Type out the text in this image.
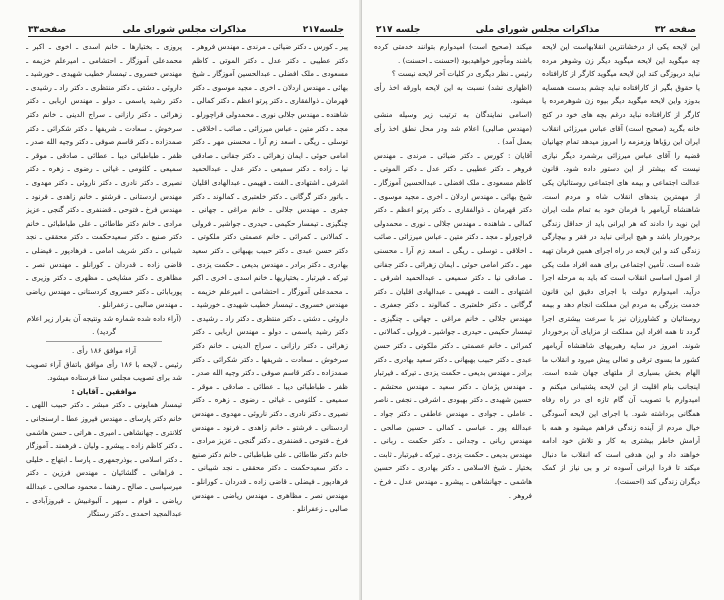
جلسه۲۱۷
مذاکرات مجلس شورای ملی
صفحه۳۳

پیر ـ کورس ـ دکتر ضیائی ـ مرندی ـ مهندس فروهر ـ دکتر عطیبی ـ دکتر عدل ـ دکتر الموتی ـ کاظم مسعودی ـ ملک افضلی ـ عبدالحسین آموزگار ـ شیخ بهائی ـ مهندس اردلان ـ اخری ـ مجید موسوی ـ دکتر قهرمان ـ ذوالفقاری ـ دکتر پرتو اعظم ـ دکتر کمالی ـ شاهنده ـ مهندس جلالی نوری ـ محمدولی قراچورلو ـ مجد ـ دکتر متین ـ عباس میرزائی ـ صائب ـ اخلاقی ـ توسلی ـ ریگی ـ اسعد زم آرا ـ محسنی مهر ـ دکتر امامی حوئی ـ ایمان زهرائی ـ دکتر جفانی ـ صادقی نیا ـ زاده ـ دکتر سمیعی ـ دکتر عدل ـ عبدالحمید اشرفی ـ اشتهادی ـ الفت ـ فهیمی ـ عبدالهادی اقلیان ـ باتور دکتر گرگانی ـ دکتر خلعتبری ـ کمالوند ـ دکتر جفری ـ مهندس جلالی ـ خانم مراغی ـ جهانی ـ چنگیزی ـ تیمسار حکیمی ـ حیدری ـ جواشیر ـ فرولی ـ کمالانی ـ کمرائی ـ خانم عصمتی دکتر ملکوتی ـ دکتر حسن عبدی ـ دکتر حبیب بهبهانی ـ دکتر سعید بهادری ـ دکتر برادر ـ مهندس بدیعی ـ حکمت یزدی ـ تیرکه ـ فیرتبار ـ بختیاریها ـ خانم اسدی ـ اخری ـ اکبر ـ محمدعلی آموزگار ـ احتشامی ـ امیرعلم خزیمه ـ مهندس خسروی ـ تیمسار خطیب شهیدی ـ خورشید ـ داروئی ـ دشتی ـ دکتر منتظری ـ دکتر راد ـ رشیدی ـ دکتر رشید یاسمی ـ دولو ـ مهندس اربابی ـ دکتر زهرائی ـ دکتر رازانی ـ سراج الدینی ـ خانم دکتر سرخوش ـ سعادت ـ شریفها ـ دکتر شکرائی ـ دکتر صمدزاده ـ دکتر قاسم صوفی ـ دکتر وجیه الله صدر ـ ظفر ـ طباطبائی دیبا ـ عطائی ـ صادقی ـ موقر ـ سمیعی ـ کلثومی ـ غیاثی ـ رضوی ـ زهره ـ دکتر نصیری ـ دکتر نادری ـ دکتر ناروئی ـ مهدوی ـ مهندس اردستانی ـ فرشتو ـ خانم زاهدی ـ فرنود ـ مهندس فرخ ـ فتوحی ـ قضنفری ـ دکتر گنجی ـ عزیز مرادی ـ خانم دکتر طاطائی ـ علی طباطبائی ـ خانم دکتر صنیع ـ دکتر سعیدحکمت ـ دکتر محققی ـ نجد شیبانی ـ فرهادپور ـ فیضلی ـ قاضی زاده ـ قدردان ـ کورانلو ـ مهندس نصر ـ مظاهری ـ مهندس ریاضی ـ مهندس صالبی ـ زعفرانلو .

پروزی ـ بختیارها ـ خانم اسدی ـ اخوی ـ اکبر ـ محمدعلی آموزگار ـ احتشامی ـ امیرعلم خزیمه ـ مهندس خسروی ـ تیمسار خطیب شهیدی ـ خورشید ـ داروئی ـ دشتی ـ دکتر منتظری ـ دکتر راد ـ رشیدی ـ دکتر رشید یاسمی ـ دولو ـ مهندس اربابی ـ دکتر زهرائی ـ دکتر رازانی ـ سراج الدینی ـ خانم دکتر سرخوش ـ سعادت ـ شریفها ـ دکتر شکرائی ـ دکتر صمدزاده ـ دکتر قاسم صوفی ـ دکتر وجیه الله صدر ـ ظفر ـ طباطبائی دیبا ـ عطائی ـ صادقی ـ موقر ـ سمیعی ـ کلثومی ـ غیاثی ـ رضوی ـ زهره ـ دکتر نصیری ـ دکتر نادری ـ دکتر ناروئی ـ دکتر مهدوی ـ مهندس اردستانی ـ فرشتو ـ خانم زاهدی ـ فرنود ـ مهندس فرخ ـ فتوحی ـ قضنفری ـ دکتر گنجی ـ عزیز مرادی ـ خانم دکتر طاطائی ـ علی طباطبائی ـ خانم دکتر صنیع ـ دکتر سعیدحکمت ـ دکتر محققی ـ نجد شیبانی ـ دکتر شریف امامی ـ فرهادپور ـ فیضلی ـ قاضی زاده ـ قدردان ـ کورانلو ـ مهندس نصر ـ مظاهری ـ دکتر مشایخی ـ مظهری ـ دکتر وزیری ـ پوربابائی ـ دکتر خسروی کردستانی ـ مهندس ریاضی ـ مهندس صالبی ـ زعفرانلو .

(آراء داده شده شماره شد ونتیجه آن بقرار زیر اعلام گردید) .

آراء موافق ۱۸۶ رأی .

رئیس ـ لایحه با ۱۸۶ رأی موافق باتفاق آراء تصویب شد برای تصویب مجلس سنا فرستاده میشود.

موافقین ـ آقایان :

تیمسار همایونی ـ دکتر مبشر ـ دکتر حبیب اللهی ـ خانم دکتر پارسای ـ مهندس فیروز عطا ـ ارسنجانی ـ کلانتری ـ جهانشاهی ـ امیری ـ هراتی ـ حسن هاشمی ـ دکتر کاظم زاده ـ پیشرو ـ ولیان ـ فرهمند ـ آموزگار ـ دکتر اسلامی ـ بوذرجمهری ـ پارسا ـ ابتهاج ـ خلیلی ـ فراهانی ـ گلشائیان ـ مهندس فرزین ـ دکتر میرسپاسی ـ صالح ـ رهنما ـ محمود صالحی ـ عبدالله ریاضی ـ قوام ـ سپهر ـ آلبوغبیش ـ فیروزآبادی ـ عبدالمجید احمدی ـ دکتر رستگار

صفحه ۳۲
مذاکرات مجلس شورای ملی
جلسه ۲۱۷

این لایحه یکی از درخشانترین انقلابهاست این لایحه چه میگوید این لایحه میگوید دیگر زن وشوهر مرده نباید دربوزگی کند این لایحه میگوید کارگر از کارافتاده یا حقوق بگیر از کارافتاده نباید چشم بدست همسایه بدوزد واین لایحه میگوید دیگر بیوه زن شوهرمرده یا کارگر از کارافتاده نباید درغم بچه های خود در کنج خانه بگرید (صحیح است) آقای عباس میرزائی انقلاب ایران این رؤیاها وزمزمه را امروز میدهد تمام جهانیان قضیه را آقای عباس میرزائی برشمرد دیگر نیازی نیست که بیشتر از این دستور داده شود. قانون عدالت اجتماعی و بیمه های اجتماعی روستائیان یکی از مهمترین بندهای انقلاب شاه و مردم است. شاهنشاه آریامهر با فرمان خود به تمام ملت ایران این نوید را دادند که هر ایرانی باید از حداقل زندگی برخوردار باشد و هیچ ایرانی نباید در فقر و بیچارگی زندگی کند و این لایحه در راه اجرای همین فرمان تهیه شده است. تأمین اجتماعی برای همه افراد ملت یکی از اصول اساسی انقلاب است که باید به مرحله اجرا درآید. امیدوارم دولت با اجرای دقیق این قانون خدمت بزرگی به مردم این مملکت انجام دهد و بیمه روستائیان و کشاورزان نیز با سرعت بیشتری اجرا گردد تا همه افراد این مملکت از مزایای آن برخوردار شوند. امروز در سایه رهبریهای شاهنشاه آریامهر کشور ما بسوی ترقی و تعالی پیش میرود و انقلاب ما الهام بخش بسیاری از ملتهای جهان شده است. اینجانب بنام اقلیت از این لایحه پشتیبانی میکنم و امیدوارم با تصویب آن گام تازه ای در راه رفاه همگانی برداشته شود. با اجرای این لایحه آسودگی خیال مردم از آینده زندگی فراهم میشود و همه با آرامش خاطر بیشتری به کار و تلاش خود ادامه خواهند داد و این هدفی است که انقلاب ما دنبال میکند تا فردا ایرانی آسوده تر و بی نیاز از کمک دیگران زندگی کند (احسنت).

میکند (صحیح است) امیدوارم بتوانند خدمتی کرده باشند ومأجور خواهیدبود (احسنت ـ احسنت) .

رئیس ـ نظر دیگری در کلیات آخر لایحه نیست ؟

(اظهاری نشد) نسبت به این لایحه باورقه اخذ رأی میشود.

(اسامی نمایندگان به ترتیب زیر وسیله منشی (مهندس صالبی) اعلام شد ودر محل نطق اخذ رأی بعمل آمد) .

آقایان : کورس ـ دکتر ضیائی ـ مرندی ـ مهندس فروهر ـ دکتر عطیبی ـ دکتر عدل ـ دکتر الموتی ـ کاظم مسعودی ـ ملک افضلی ـ عبدالحسین آموزگار ـ شیخ بهائی ـ مهندس اردلان ـ اخری ـ مجید موسوی ـ دکتر قهرمان ـ ذوالفقاری ـ دکتر پرتو اعظم ـ دکتر کمالی ـ شاهنده ـ مهندس جلالی ـ نوری ـ محمدولی قراچورلو ـ مجد ـ دکتر متین ـ عباس میرزائی ـ صائب ـ اخلاقی ـ توسلی ـ ریگی ـ اسعد زم آرا ـ محسنی مهر ـ دکتر امامی حوئی ـ ایمان زهرائی ـ دکتر جفانی ـ صادقی نیا ـ دکتر سمیعی ـ عبدالحمید اشرفی ـ اشتهادی ـ الفت ـ فهیمی ـ عبدالهادی اقلیان ـ دکتر گرگانی ـ دکتر خلعتبری ـ کمالوند ـ دکتر جعفری ـ مهندس جلالی ـ خانم مراغی ـ جهانی ـ چنگیزی ـ تیمسار حکیمی ـ حیدری ـ جواشیر ـ فرولی ـ کمالانی ـ کمرائی ـ خانم عصمتی ـ دکتر ملکوتی ـ دکتر حسن عبدی ـ دکتر حبیب بهبهانی ـ دکتر سعید بهادری ـ دکتر برادر ـ مهندس بدیعی ـ حکمت یزدی ـ تیرکه ـ فیرتبار ـ مهندس پژمان ـ دکتر سعید ـ مهندس محتشم ـ حسین شهیدی ـ دکتر بهبودی ـ اشرفی ـ نجفی ـ ناصر ـ عاملی ـ جوادی ـ مهندس عاطفی ـ دکتر جواد ـ عبدالله پور ـ عباسی ـ کمالی ـ حسین صالحی ـ مهندس ربانی ـ وجدانی ـ دکتر حکمت ـ ربانی ـ مهندس بدیعی ـ حکمت یزدی ـ تیرکه ـ فیرتبار ـ ثابت ـ بختیار ـ شیخ الاسلامی ـ دکتر بهادری ـ دکتر حسین هاشمی ـ جهانشاهی ـ پیشرو ـ مهندس عدل ـ فرخ ـ فروهر .
